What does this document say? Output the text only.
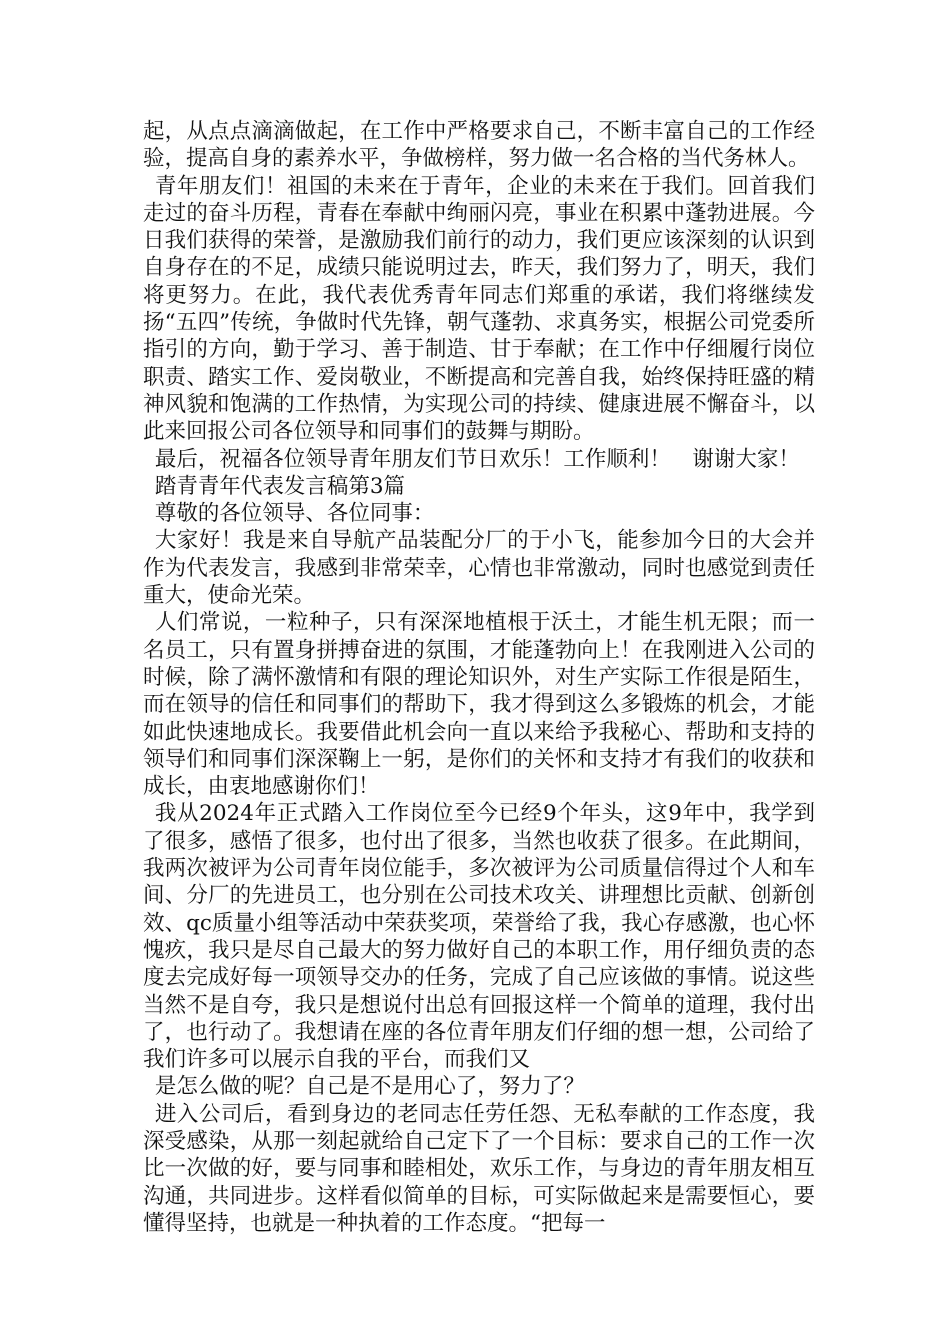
起，从点点滴滴做起，在工作中严格要求自己，不断丰富自己的工作经验，提高自身的素养水平，争做榜样，努力做一名合格的当代务林人。

青年朋友们！祖国的未来在于青年，企业的未来在于我们。回首我们走过的奋斗历程，青春在奉献中绚丽闪亮，事业在积累中蓬勃进展。今日我们获得的荣誉，是激励我们前行的动力，我们更应该深刻的认识到自身存在的不足，成绩只能说明过去，昨天，我们努力了，明天，我们将更努力。在此，我代表优秀青年同志们郑重的承诺，我们将继续发扬“五四”传统，争做时代先锋，朝气蓬勃、求真务实，根据公司党委所指引的方向，勤于学习、善于制造、甘于奉献；在工作中仔细履行岗位职责、踏实工作、爱岗敬业，不断提高和完善自我，始终保持旺盛的精神风貌和饱满的工作热情，为实现公司的持续、健康进展不懈奋斗，以此来回报公司各位领导和同事们的鼓舞与期盼。

最后，祝福各位领导青年朋友们节日欢乐！工作顺利！　谢谢大家！

踏青青年代表发言稿第3篇

尊敬的各位领导、各位同事：

大家好！我是来自导航产品装配分厂的于小飞，能参加今日的大会并作为代表发言，我感到非常荣幸，心情也非常激动，同时也感觉到责任重大，使命光荣。

人们常说，一粒种子，只有深深地植根于沃土，才能生机无限；而一名员工，只有置身拼搏奋进的氛围，才能蓬勃向上！在我刚进入公司的时候，除了满怀激情和有限的理论知识外，对生产实际工作很是陌生，而在领导的信任和同事们的帮助下，我才得到这么多锻炼的机会，才能如此快速地成长。我要借此机会向一直以来给予我秘心、帮助和支持的领导们和同事们深深鞠上一躬，是你们的关怀和支持才有我们的收获和成长，由衷地感谢你们！

我从2024年正式踏入工作岗位至今已经9个年头，这9年中，我学到了很多，感悟了很多，也付出了很多，当然也收获了很多。在此期间，我两次被评为公司青年岗位能手，多次被评为公司质量信得过个人和车间、分厂的先进员工，也分别在公司技术攻关、讲理想比贡献、创新创效、qc质量小组等活动中荣获奖项，荣誉给了我，我心存感激，也心怀愧疚，我只是尽自己最大的努力做好自己的本职工作，用仔细负责的态度去完成好每一项领导交办的任务，完成了自己应该做的事情。说这些当然不是自夸，我只是想说付出总有回报这样一个简单的道理，我付出了，也行动了。我想请在座的各位青年朋友们仔细的想一想，公司给了我们许多可以展示自我的平台，而我们又

是怎么做的呢？自己是不是用心了，努力了？

进入公司后，看到身边的老同志任劳任怨、无私奉献的工作态度，我深受感染，从那一刻起就给自己定下了一个目标：要求自己的工作一次比一次做的好，要与同事和睦相处，欢乐工作，与身边的青年朋友相互沟通，共同进步。这样看似简单的目标，可实际做起来是需要恒心，要懂得坚持，也就是一种执着的工作态度。“把每一
